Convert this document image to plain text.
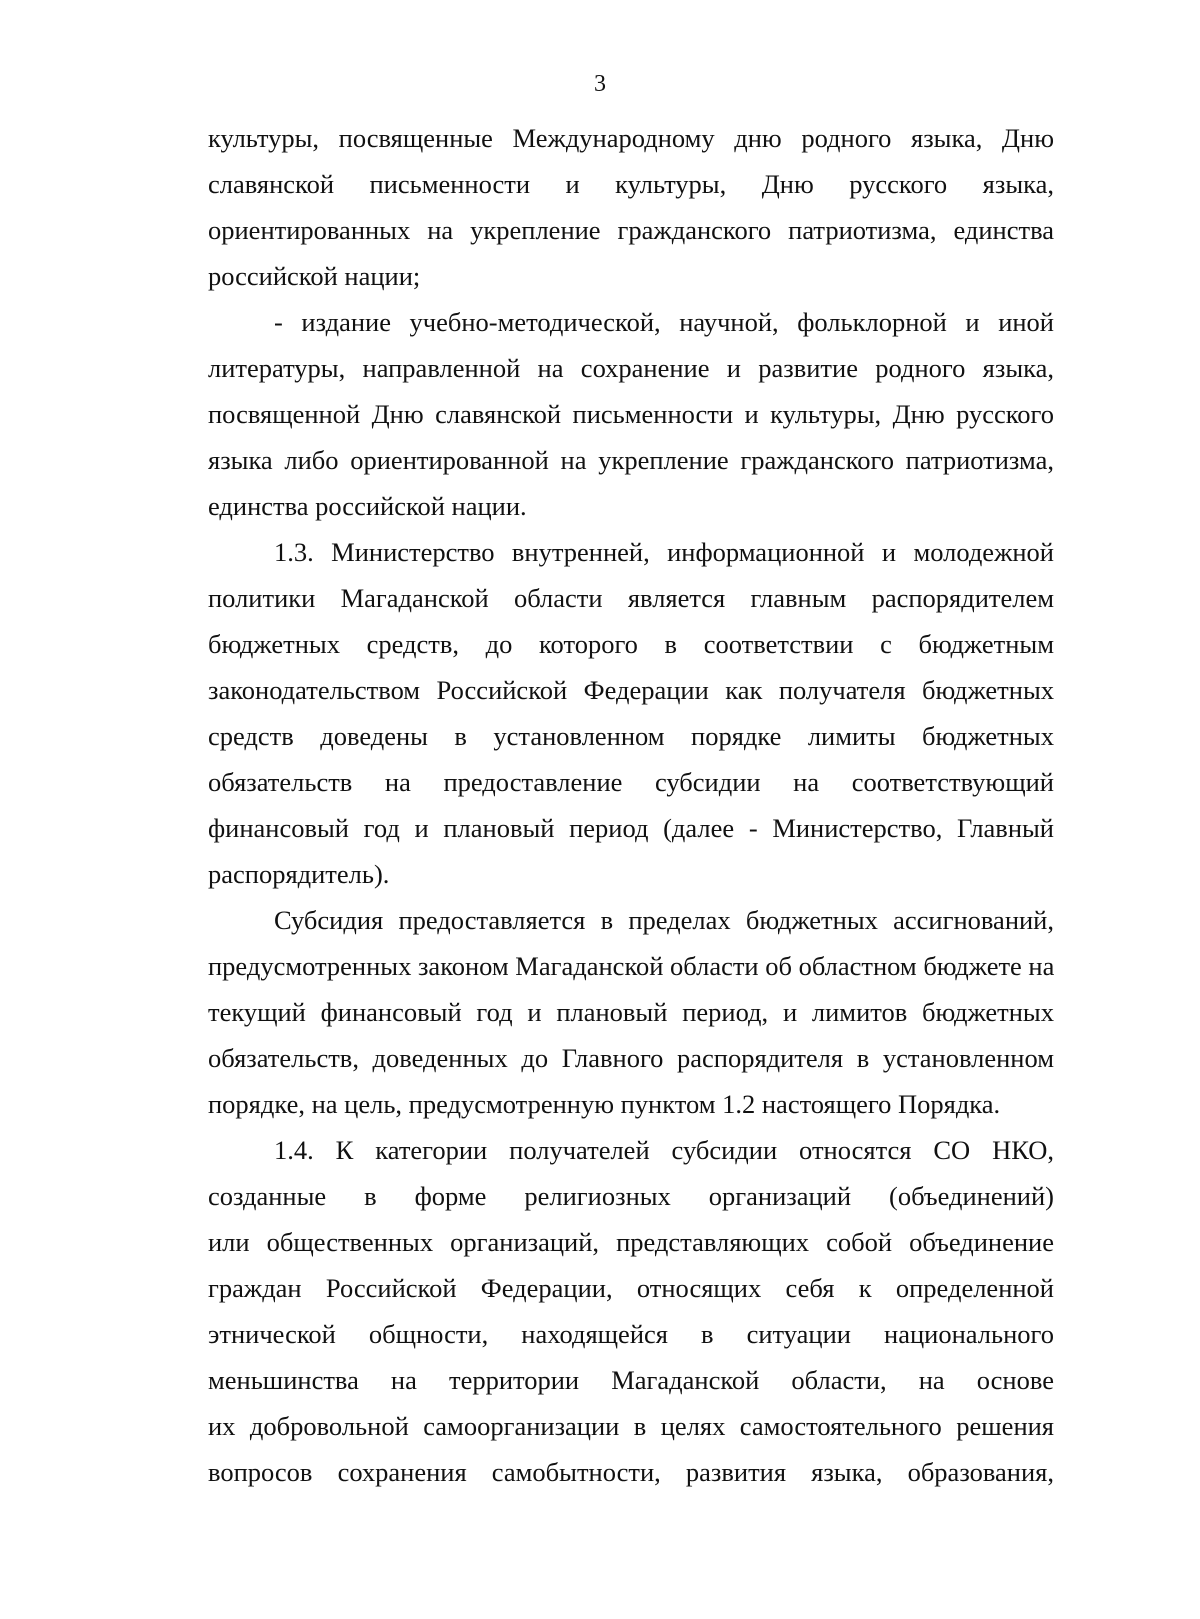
3
культуры, посвященные Международному дню родного языка, Дню
славянской письменности и культуры, Дню русского языка,
ориентированных на укрепление гражданского патриотизма, единства
российской нации;
- издание учебно-методической, научной, фольклорной и иной
литературы, направленной на сохранение и развитие родного языка,
посвященной Дню славянской письменности и культуры, Дню русского
языка либо ориентированной на укрепление гражданского патриотизма,
единства российской нации.
1.3. Министерство внутренней, информационной и молодежной
политики Магаданской области является главным распорядителем
бюджетных средств, до которого в соответствии с бюджетным
законодательством Российской Федерации как получателя бюджетных
средств доведены в установленном порядке лимиты бюджетных
обязательств на предоставление субсидии на соответствующий
финансовый год и плановый период (далее - Министерство, Главный
распорядитель).
Субсидия предоставляется в пределах бюджетных ассигнований,
предусмотренных законом Магаданской области об областном бюджете на
текущий финансовый год и плановый период, и лимитов бюджетных
обязательств, доведенных до Главного распорядителя в установленном
порядке, на цель, предусмотренную пунктом 1.2 настоящего Порядка.
1.4. К категории получателей субсидии относятся СО НКО,
созданные в форме религиозных организаций (объединений)
или общественных организаций, представляющих собой объединение
граждан Российской Федерации, относящих себя к определенной
этнической общности, находящейся в ситуации национального
меньшинства на территории Магаданской области, на основе
их добровольной самоорганизации в целях самостоятельного решения
вопросов сохранения самобытности, развития языка, образования,
